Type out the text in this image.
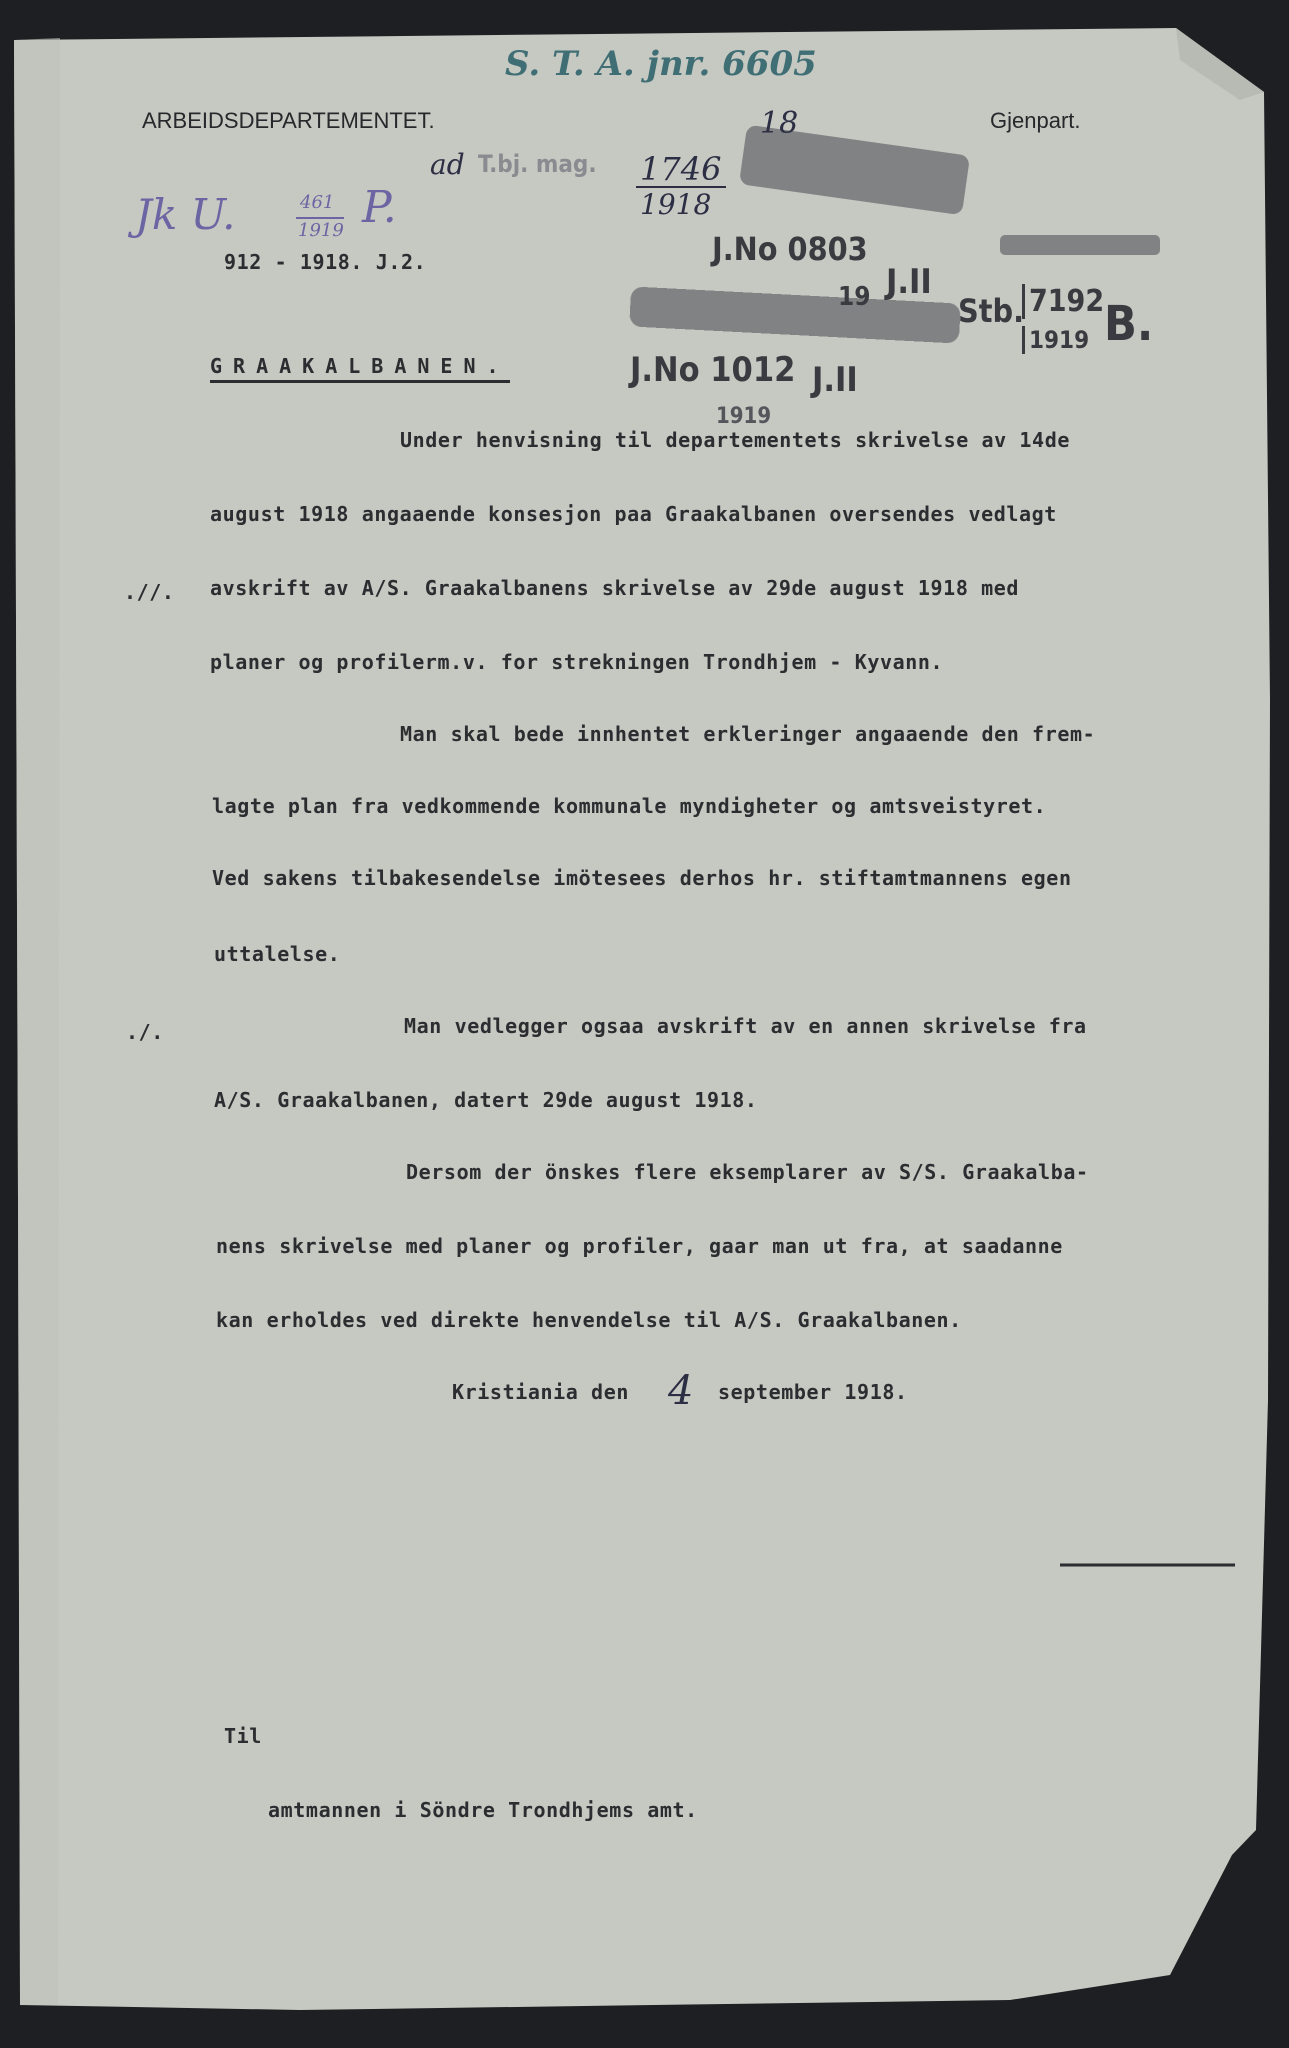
ARBEIDSDEPARTEMENTET.	Gjenpart.
S. T. A. jnr. 6605
18
ad	1746
1918
Jk U.	461
1919 P.
T.bj. mag.
J.No 0803
19 J.II
Stb. 7192
1919 B.
J.No 1012 J.II
1919
912 - 1918. J.2.
GRAAKALBANEN.
.//.
./.
Under henvisning til departementets skrivelse av 14de
august 1918 angaaende konsesjon paa Graakalbanen oversendes vedlagt
avskrift av A/S. Graakalbanens skrivelse av 29de august 1918 med
planer og profilerm.v. for strekningen Trondhjem - Kyvann.
Man skal bede innhentet erkleringer angaaende den frem-
lagte plan fra vedkommende kommunale myndigheter og amtsveistyret.
Ved sakens tilbakesendelse imötesees derhos hr. stiftamtmannens egen
uttalelse.
Man vedlegger ogsaa avskrift av en annen skrivelse fra
A/S. Graakalbanen, datert 29de august 1918.
Dersom der önskes flere eksemplarer av S/S. Graakalba-
nens skrivelse med planer og profiler, gaar man ut fra, at saadanne
kan erholdes ved direkte henvendelse til A/S. Graakalbanen.
Kristiania den 4 september 1918.
Til
amtmannen i Söndre Trondhjems amt.
